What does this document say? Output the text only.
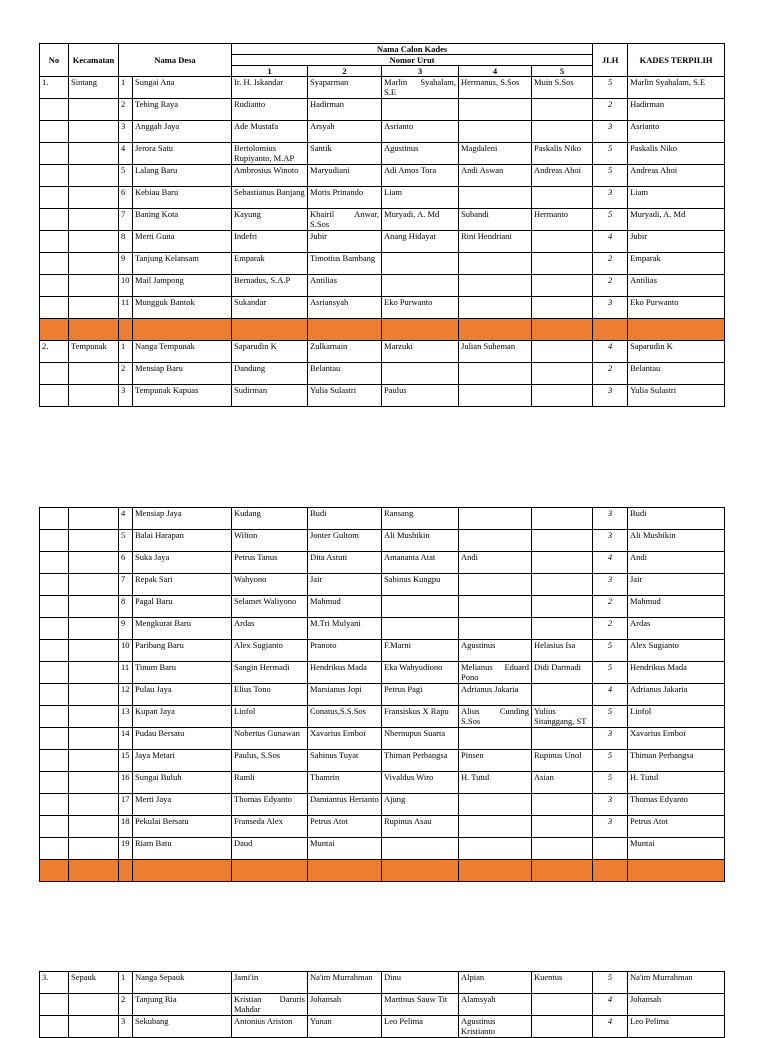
No	Kecamatan	Nama Desa		Nama Calon Kades					JLH	KADES TERPILIH
				Nomor Urut						
				1	2	3	4	5		
1.	Sintang	1	Sungai Ana	Ir. H. Iskandar	Syaparman	Marlin Syahalam, S.E	Hermanus, S.Sos	Muin S.Sos	5	Marlin Syahalam, S.E
		2	Tebing Raya	Rudianto	Hadirman				2	Hadirman
		3	Anggah Jaya	Ade Mustafa	Arsyah	Asrianto			3	Asrianto
		4	Jerora Satu	Bertolomius Rupiyanto, M.AP	Santik	Agustinus	Magdaleni	Paskalis Niko	5	Paskalis Niko
		5	Lalang Baru	Ambrosius Winoto	Maryudiani	Adi Amos Tora	Andi Aswan	Andreas Ahoi	5	Andreas Ahoi
		6	Kebiau Baru	Sebastianus Banjang	Moris Prinando	Liam			3	Liam
		7	Baning Kota	Kayung	Khairil Anwar, S.Sos	Muryadi, A. Md	Subandi	Hermanto	5	Muryadi, A. Md
		8	Merti Guna	Indefri	Jubir	Anang Hidayat	Rini Hendriani		4	Jubir
		9	Tanjung Kelansam	Emparak	Timotius Bambang				2	Emparak
		10	Mail Jampong	Bernadus, S.A.P	Antilias				2	Antilias
		11	Mungguk Bantok	Sukandar	Asriansyah	Eko Purwanto			3	Eko Purwanto

2.	Tempunak	1	Nanga Tempunak	Saparudin K	Zulkarnain	Marzuki	Julian Suheman		4	Saparudin K
		2	Mensiap Baru	Dandung	Belantau				2	Belantau
		3	Tempunak Kapuas	Sudirman	Yulia Sulastri	Paulus			3	Yulia Sulastri
		4	Mensiap Jaya	Kudang	Budi	Ransang			3	Budi
		5	Balai Harapan	Wilton	Jonter Gultom	Ali Musbikin			3	Ali Musbikin
		6	Suka Jaya	Petrus Tanus	Dita Astuti	Amananta Atat	Andi		4	Andi
		7	Repak Sari	Wahyono	Jair	Sabinus Kungpu			3	Jair
		8	Pagal Baru	Selamet Waliyono	Mahmud				2	Mahmud
		9	Mengkurat Baru	Ardas	M.Tri Mulyani				2	Ardas
		10	Paribang Baru	Alex Sugianto	Pranoto	F.Marni	Agustinus	Helasius Isa	5	Alex Sugianto
		11	Tinum Baru	Sangin Hermadi	Hendrikus Mada	Eka Wahyudiono	Melianus Eduard Pono	Didi Darmadi	5	Hendrikus Mada
		12	Pulau Jaya	Elius Tono	Marsianus Jopi	Petrus Pagi	Adrianus Jakaria		4	Adrianus Jakaria
		13	Kupan Jaya	Liofol	Conatus,S.S.Sos	Fransiskus X Rapu	Alius Cunding S.Sos	Yulius Sitanggang, ST	5	Liofol
		14	Pudau Bersatu	Nobertus Gunawan	Xavarius Emboi	Nbernupus Suarta			3	Xavarius Emboi
		15	Jaya Metari	Paulus, S.Sos	Sabinus Tuyat	Thiman Perbangsa	Pinsen	Rupinus Unol	5	Thiman Perbangsa
		16	Sungai Buluh	Ramli	Thamrin	Vivaldus Wiro	H. Tutul	Asian	5	H. Tutul
		17	Merti Jaya	Thomas Edyanto	Damiantus Herianto	Ajung			3	Thomas Edyanto
		18	Pekulai Bersatu	Franseda Alex	Petrus Atot	Rupinus Asau			3	Petrus Atot
		19	Riam Batu	Daud	Muntai					Muntai

3.	Sepauk	1	Nanga Sepauk	Jami'in	Na'im Murrahman	Dinu	Alpian	Kuentus	5	Na'im Murrahman
		2	Tanjung Ria	Kristian Daruris Mahdar	Johansah	Martinus Sauw Tit	Alamsyah		4	Johansah
		3	Sekubang	Antonius Ariston	Yunan	Leo Pelima	Agustinus Kristianto		4	Leo Pelima
